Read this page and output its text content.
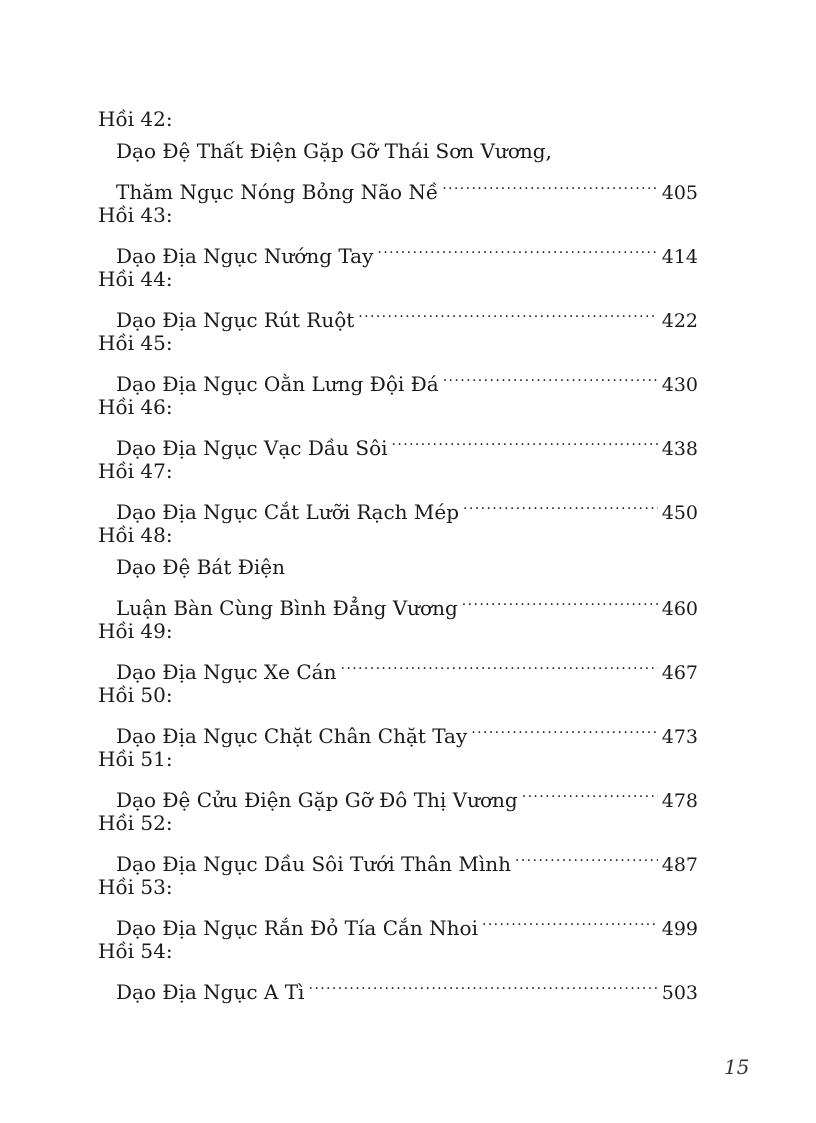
Hồi 42:
Dạo Đệ Thất Điện Gặp Gỡ Thái Sơn Vương,
Thăm Ngục Nóng Bỏng Não Nề .....	405
Hồi 43:
Dạo Địa Ngục Nướng Tay .....	414
Hồi 44:
Dạo Địa Ngục Rút Ruột .....	422
Hồi 45:
Dạo Địa Ngục Oằn Lưng Đội Đá .....	430
Hồi 46:
Dạo Địa Ngục Vạc Dầu Sôi .....	438
Hồi 47:
Dạo Địa Ngục Cắt Lưỡi Rạch Mép .....	450
Hồi 48:
Dạo Đệ Bát Điện
Luận Bàn Cùng Bình Đẳng Vương .....	460
Hồi 49:
Dạo Địa Ngục Xe Cán .....	467
Hồi 50:
Dạo Địa Ngục Chặt Chân Chặt Tay .....	473
Hồi 51:
Dạo Đệ Cửu Điện Gặp Gỡ Đô Thị Vương .....	478
Hồi 52:
Dạo Địa Ngục Dầu Sôi Tưới Thân Mình .....	487
Hồi 53:
Dạo Địa Ngục Rắn Đỏ Tía Cắn Nhoi .....	499
Hồi 54:
Dạo Địa Ngục A Tì .....	503
15
